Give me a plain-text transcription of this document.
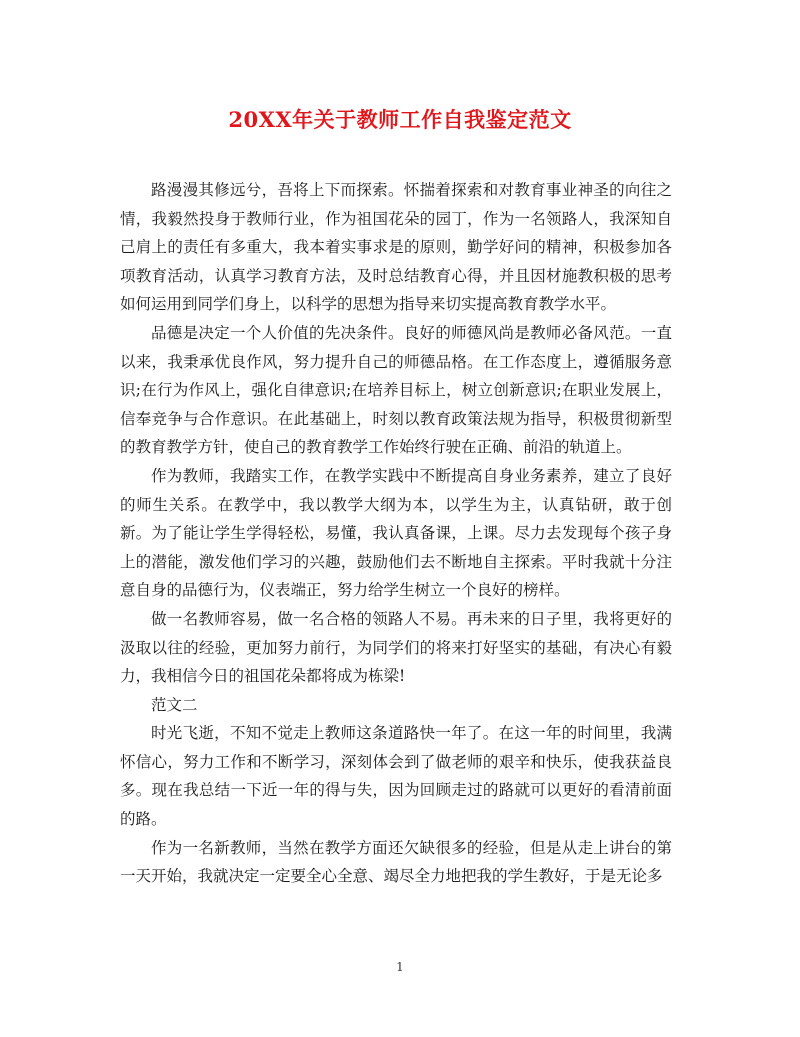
20XX年关于教师工作自我鉴定范文

路漫漫其修远兮，吾将上下而探索。怀揣着探索和对教育事业神圣的向往之情，我毅然投身于教师行业，作为祖国花朵的园丁，作为一名领路人，我深知自己肩上的责任有多重大，我本着实事求是的原则，勤学好问的精神，积极参加各项教育活动，认真学习教育方法，及时总结教育心得，并且因材施教积极的思考如何运用到同学们身上，以科学的思想为指导来切实提高教育教学水平。

品德是决定一个人价值的先决条件。良好的师德风尚是教师必备风范。一直以来，我秉承优良作风，努力提升自己的师德品格。在工作态度上，遵循服务意识;在行为作风上，强化自律意识;在培养目标上，树立创新意识;在职业发展上，信奉竞争与合作意识。在此基础上，时刻以教育政策法规为指导，积极贯彻新型的教育教学方针，使自己的教育教学工作始终行驶在正确、前沿的轨道上。

作为教师，我踏实工作，在教学实践中不断提高自身业务素养，建立了良好的师生关系。在教学中，我以教学大纲为本，以学生为主，认真钻研，敢于创新。为了能让学生学得轻松，易懂，我认真备课，上课。尽力去发现每个孩子身上的潜能，激发他们学习的兴趣，鼓励他们去不断地自主探索。平时我就十分注意自身的品德行为，仪表端正，努力给学生树立一个良好的榜样。

做一名教师容易，做一名合格的领路人不易。再未来的日子里，我将更好的汲取以往的经验，更加努力前行，为同学们的将来打好坚实的基础，有决心有毅力，我相信今日的祖国花朵都将成为栋梁!

范文二

时光飞逝，不知不觉走上教师这条道路快一年了。在这一年的时间里，我满怀信心，努力工作和不断学习，深刻体会到了做老师的艰辛和快乐，使我获益良多。现在我总结一下近一年的得与失，因为回顾走过的路就可以更好的看清前面的路。

作为一名新教师，当然在教学方面还欠缺很多的经验，但是从走上讲台的第一天开始，我就决定一定要全心全意、竭尽全力地把我的学生教好，于是无论多

1
